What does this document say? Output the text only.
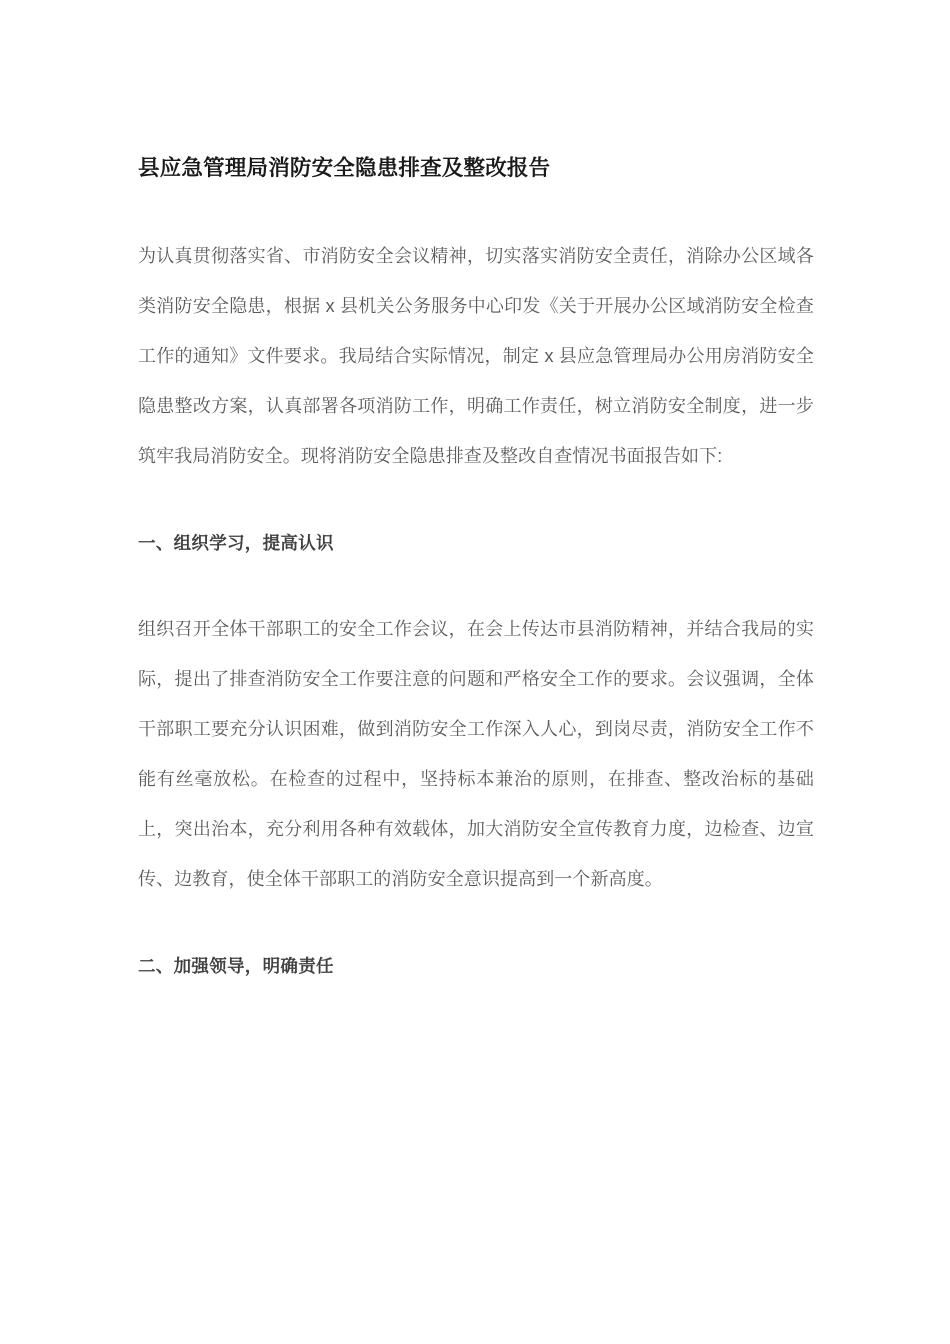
县应急管理局消防安全隐患排查及整改报告

为认真贯彻落实省、市消防安全会议精神，切实落实消防安全责任，消除办公区域各类消防安全隐患，根据 x 县机关公务服务中心印发《关于开展办公区域消防安全检查工作的通知》文件要求。我局结合实际情况，制定 x 县应急管理局办公用房消防安全隐患整改方案，认真部署各项消防工作，明确工作责任，树立消防安全制度，进一步筑牢我局消防安全。现将消防安全隐患排查及整改自查情况书面报告如下:

一、组织学习，提高认识

组织召开全体干部职工的安全工作会议，在会上传达市县消防精神，并结合我局的实际，提出了排查消防安全工作要注意的问题和严格安全工作的要求。会议强调，全体干部职工要充分认识困难，做到消防安全工作深入人心，到岗尽责，消防安全工作不能有丝毫放松。在检查的过程中，坚持标本兼治的原则，在排查、整改治标的基础上，突出治本，充分利用各种有效载体，加大消防安全宣传教育力度，边检查、边宣传、边教育，使全体干部职工的消防安全意识提高到一个新高度。

二、加强领导，明确责任
